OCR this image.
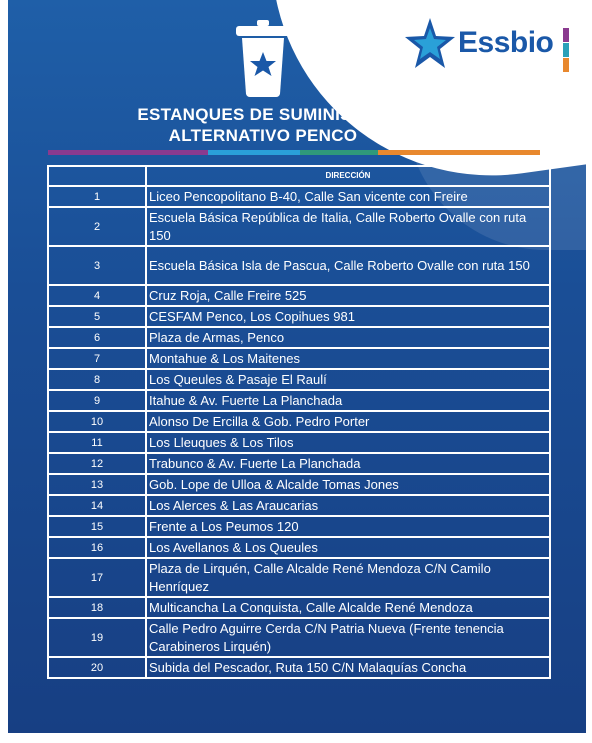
Essbio
ESTANQUES DE SUMINISTRO
ALTERNATIVO PENCO
	DIRECCIÓN
1	Liceo Pencopolitano B-40, Calle San vicente con Freire
2	Escuela Básica República de Italia, Calle Roberto Ovalle con ruta 150
3	Escuela Básica Isla de Pascua, Calle Roberto Ovalle con ruta 150
4	Cruz Roja, Calle Freire 525
5	CESFAM Penco, Los Copihues 981
6	Plaza de Armas, Penco
7	Montahue & Los Maitenes
8	Los Queules & Pasaje El Raulí
9	Itahue & Av. Fuerte La Planchada
10	Alonso De Ercilla & Gob. Pedro Porter
11	Los Lleuques & Los Tilos
12	Trabunco & Av. Fuerte La Planchada
13	Gob. Lope de Ulloa & Alcalde Tomas Jones
14	Los Alerces & Las Araucarias
15	Frente a Los Peumos 120
16	Los Avellanos & Los Queules
17	Plaza de Lirquén, Calle Alcalde René Mendoza C/N Camilo Henríquez
18	Multicancha La Conquista, Calle Alcalde René Mendoza
19	Calle Pedro Aguirre Cerda C/N Patria Nueva (Frente tenencia Carabineros Lirquén)
20	Subida del Pescador, Ruta 150 C/N Malaquías Concha
